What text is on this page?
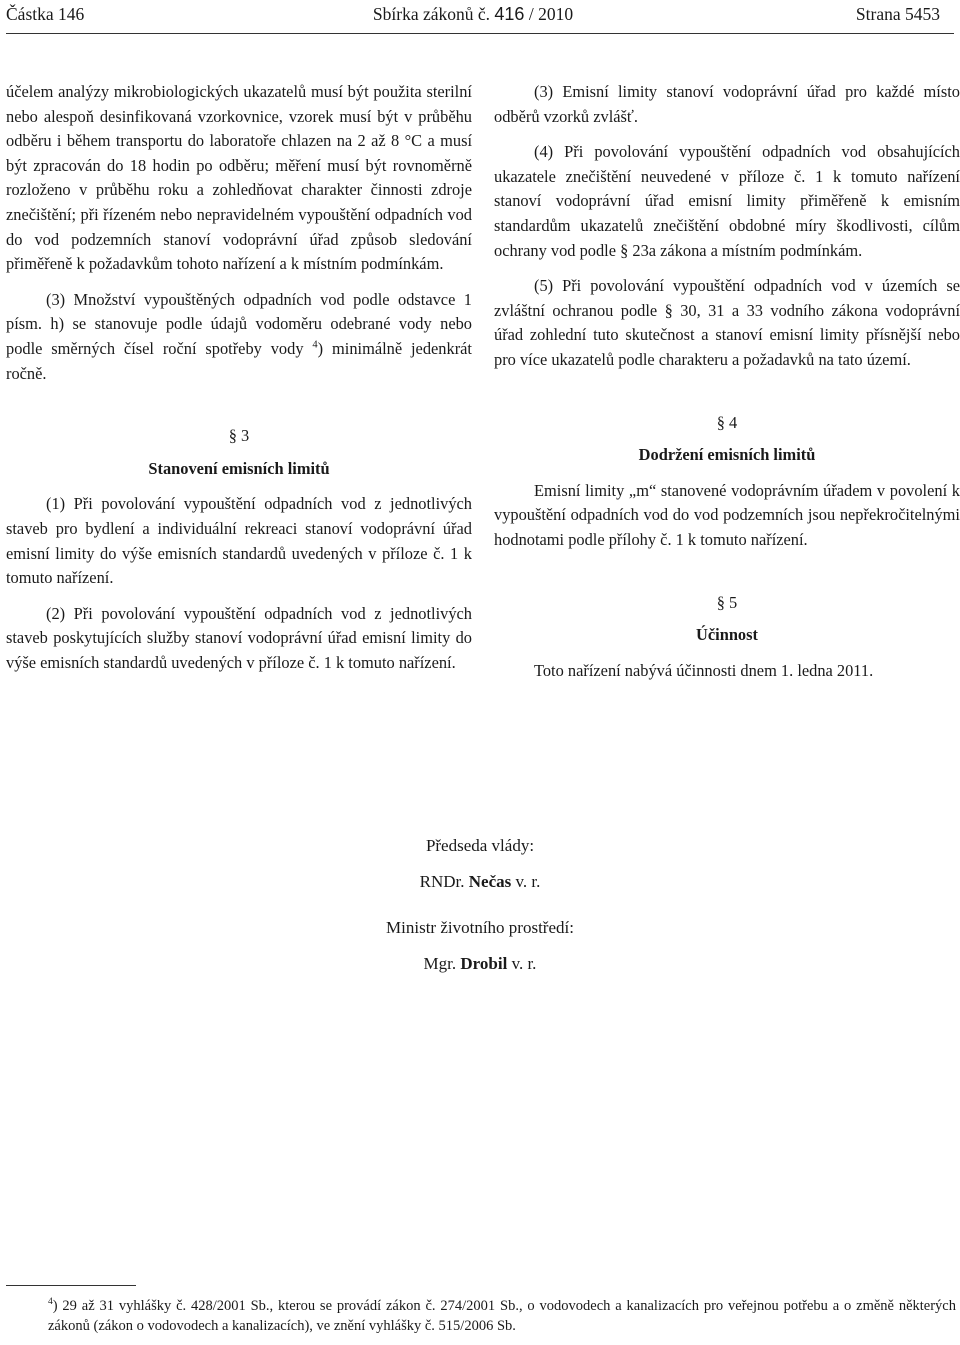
Částka 146	Sbírka zákonů č. 416 / 2010	Strana 5453

účelem analýzy mikrobiologických ukazatelů musí být použita sterilní nebo alespoň desinfikovaná vzorkovnice, vzorek musí být v průběhu odběru i během transportu do laboratoře chlazen na 2 až 8 °C a musí být zpracován do 18 hodin po odběru; měření musí být rovnoměrně rozloženo v průběhu roku a zohledňovat charakter činnosti zdroje znečištění; při řízeném nebo nepravidelném vypouštění odpadních vod do vod podzemních stanoví vodoprávní úřad způsob sledování přiměřeně k požadavkům tohoto nařízení a k místním podmínkám.

(3) Množství vypouštěných odpadních vod podle odstavce 1 písm. h) se stanovuje podle údajů vodoměru odebrané vody nebo podle směrných čísel roční spotřeby vody $^4$) minimálně jedenkrát ročně.

§ 3

Stanovení emisních limitů

(1) Při povolování vypouštění odpadních vod z jednotlivých staveb pro bydlení a individuální rekreaci stanoví vodoprávní úřad emisní limity do výše emisních standardů uvedených v příloze č. 1 k tomuto nařízení.

(2) Při povolování vypouštění odpadních vod z jednotlivých staveb poskytujících služby stanoví vodoprávní úřad emisní limity do výše emisních standardů uvedených v příloze č. 1 k tomuto nařízení.

(3) Emisní limity stanoví vodoprávní úřad pro každé místo odběrů vzorků zvlášť.

(4) Při povolování vypouštění odpadních vod obsahujících ukazatele znečištění neuvedené v příloze č. 1 k tomuto nařízení stanoví vodoprávní úřad emisní limity přiměřeně k emisním standardům ukazatelů znečištění obdobné míry škodlivosti, cílům ochrany vod podle § 23a zákona a místním podmínkám.

(5) Při povolování vypouštění odpadních vod v územích se zvláštní ochranou podle § 30, 31 a 33 vodního zákona vodoprávní úřad zohlední tuto skutečnost a stanoví emisní limity přísnější nebo pro více ukazatelů podle charakteru a požadavků na tato území.

§ 4

Dodržení emisních limitů

Emisní limity „m“ stanovené vodoprávním úřadem v povolení k vypouštění odpadních vod do vod podzemních jsou nepřekročitelnými hodnotami podle přílohy č. 1 k tomuto nařízení.

§ 5

Účinnost

Toto nařízení nabývá účinnosti dnem 1. ledna 2011.

Předseda vlády:

RNDr. Nečas v. r.

Ministr životního prostředí:

Mgr. Drobil v. r.

$^4$) 29 až 31 vyhlášky č. 428/2001 Sb., kterou se provádí zákon č. 274/2001 Sb., o vodovodech a kanalizacích pro veřejnou potřebu a o změně některých zákonů (zákon o vodovodech a kanalizacích), ve znění vyhlášky č. 515/2006 Sb.
